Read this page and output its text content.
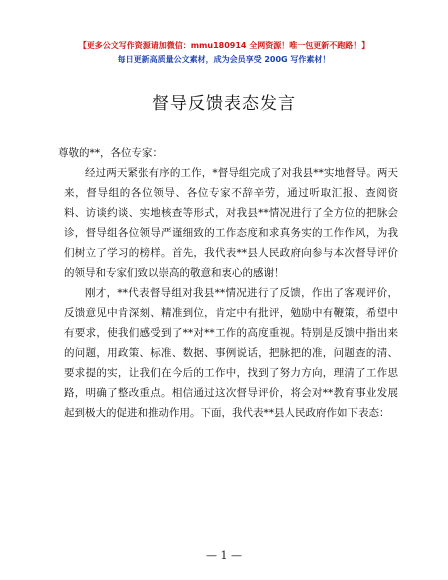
【更多公文写作资源请加微信：mmu180914 全网资源！唯一包更新不跑路！】
每日更新高质量公文素材，成为会员享受 200G 写作素材！
督导反馈表态发言

尊敬的**，各位专家：

经过两天紧张有序的工作，*督导组完成了对我县**实地督导。两天来，督导组的各位领导、各位专家不辞辛劳，通过听取汇报、查阅资料、访谈约谈、实地核查等形式，对我县**情况进行了全方位的把脉会诊，督导组各位领导严谨细致的工作态度和求真务实的工作作风，为我们树立了学习的榜样。首先，我代表**县人民政府向参与本次督导评价的领导和专家们致以崇高的敬意和衷心的感谢！

刚才，**代表督导组对我县**情况进行了反馈，作出了客观评价，反馈意见中肯深刻、精准到位，肯定中有批评，勉励中有鞭策，希望中有要求，使我们感受到了**对**工作的高度重视。特别是反馈中指出来的问题，用政策、标准、数据、事例说话，把脉把的准，问题查的清、要求提的实，让我们在今后的工作中，找到了努力方向，理清了工作思路，明确了整改重点。相信通过这次督导评价，将会对**教育事业发展起到极大的促进和推动作用。下面，我代表**县人民政府作如下表态：

— 1 —
